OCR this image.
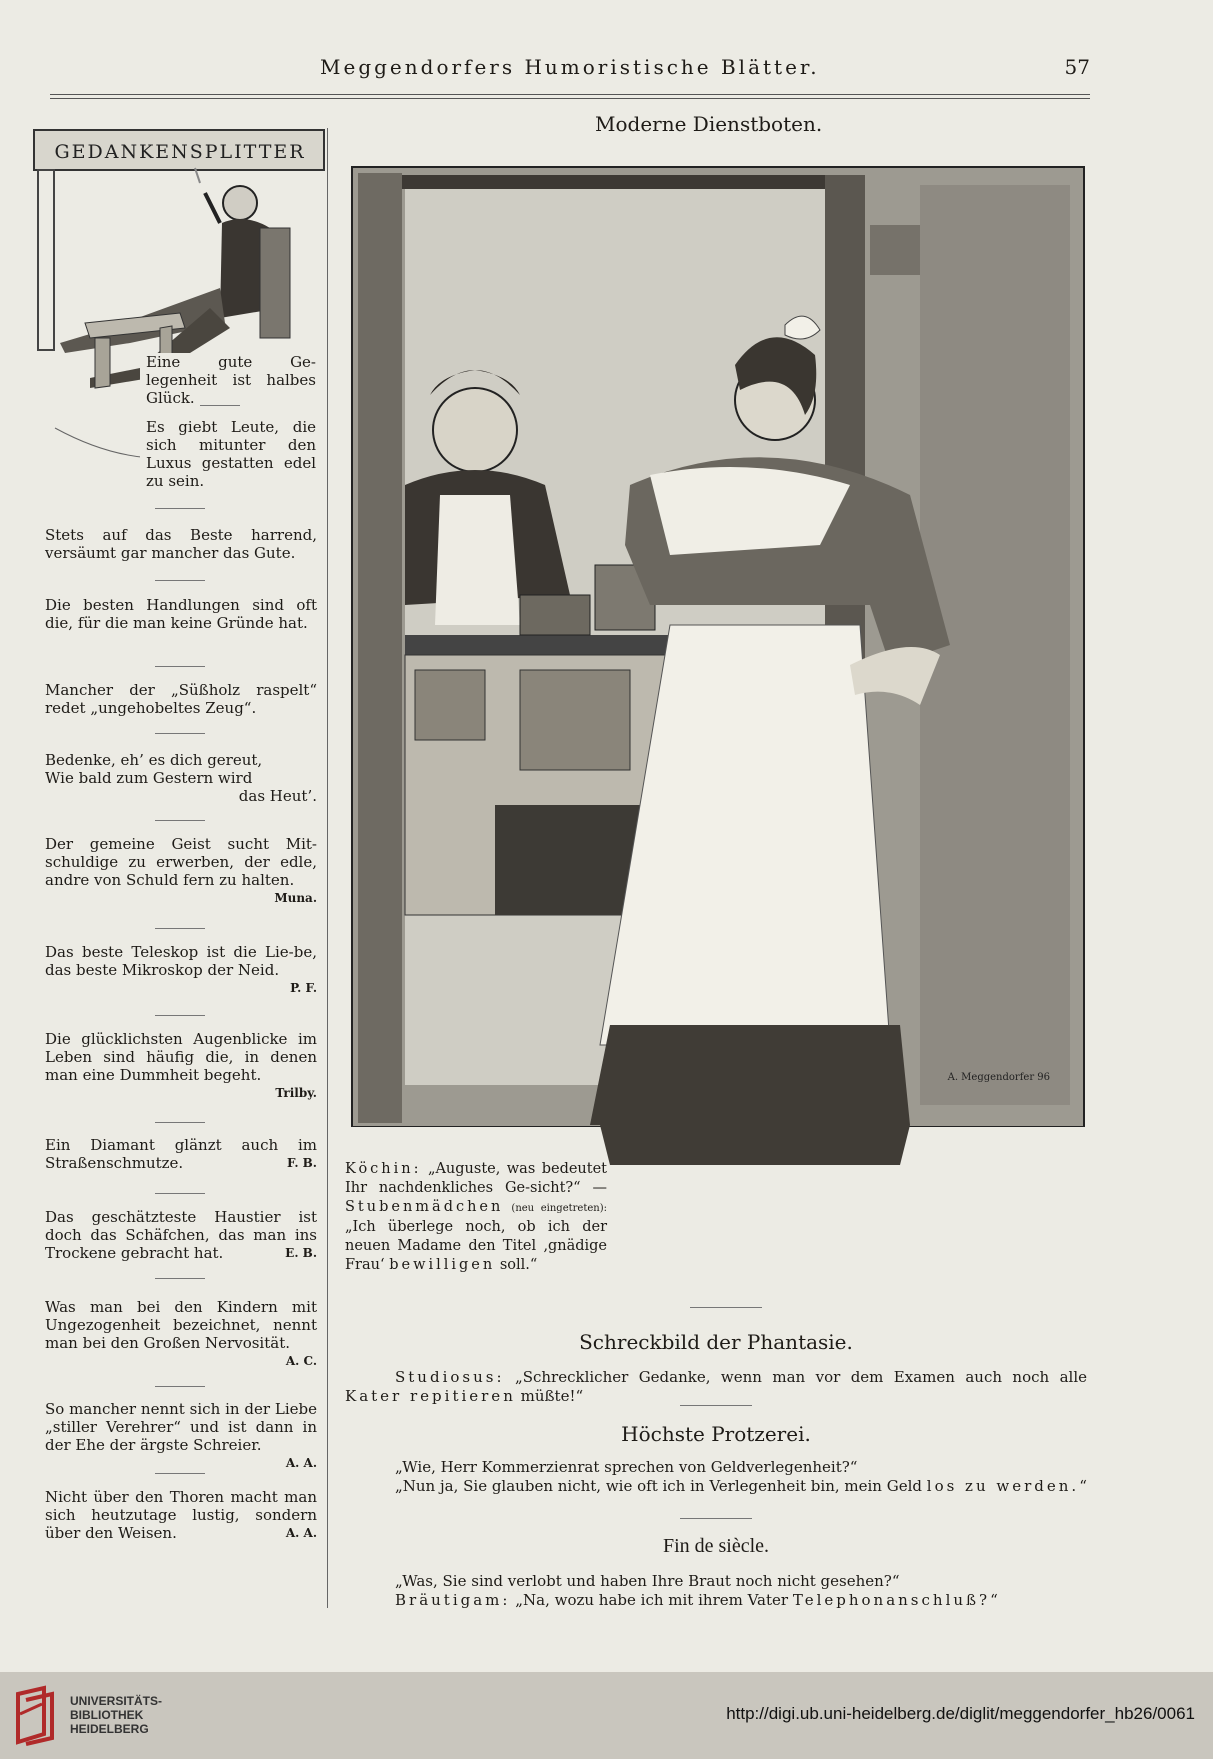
Meggendorfers Humoristische Blätter.	57
GEDANKENSPLITTER

Eine gute Ge-legenheit ist halbes Glück.

Es giebt Leute, die sich mitunter den Luxus gestatten edel zu sein.

Stets auf das Beste harrend, versäumt gar mancher das Gute.

Die besten Handlungen sind oft die, für die man keine Gründe hat.

Mancher der „Süßholz raspelt“ redet „ungehobeltes Zeug“.

Bedenke, eh’ es dich gereut,

Wie bald zum Gestern wird

das Heut’.

Der gemeine Geist sucht Mit-schuldige zu erwerben, der edle, andre von Schuld fern zu halten.

Muna.

Das beste Teleskop ist die Lie-be, das beste Mikroskop der Neid.

P. F.

Die glücklichsten Augenblicke im Leben sind häufig die, in denen man eine Dummheit begeht.

Trilby.

Ein Diamant glänzt auch im Straßenschmutze.	F. B.

Das geschätzteste Haustier ist doch das Schäfchen, das man ins Trockene gebracht hat.	E. B.

Was man bei den Kindern mit Ungezogenheit bezeichnet, nennt man bei den Großen Nervosität.

A. C.

So mancher nennt sich in der Liebe „stiller Verehrer“ und ist dann in der Ehe der ärgste Schreier.

A. A.

Nicht über den Thoren macht man sich heutzutage lustig, sondern über den Weisen.	A. A.
Moderne Dienstboten.
A. Meggendorfer 96
Köchin: „Auguste, was bedeutet Ihr nachdenkliches Ge-sicht?“ — Stubenmädchen (neu eingetreten): „Ich überlege noch, ob ich der neuen Madame den Titel ‚gnädige Frau‘ bewilligen soll.“
Schreckbild der Phantasie.

Studiosus: „Schrecklicher Gedanke, wenn man vor dem Examen auch noch alle Kater repitieren müßte!“

Höchste Protzerei.

„Wie, Herr Kommerzienrat sprechen von Geldverlegenheit?“

„Nun ja, Sie glauben nicht, wie oft ich in Verlegenheit bin, mein Geld los zu werden.“

Fin de siècle.

„Was, Sie sind verlobt und haben Ihre Braut noch nicht gesehen?“

Bräutigam: „Na, wozu habe ich mit ihrem Vater Telephonanschluß?“

UNIVERSITÄTS-
BIBLIOTHEK
HEIDELBERG
http://digi.ub.uni-heidelberg.de/diglit/meggendorfer_hb26/0061
